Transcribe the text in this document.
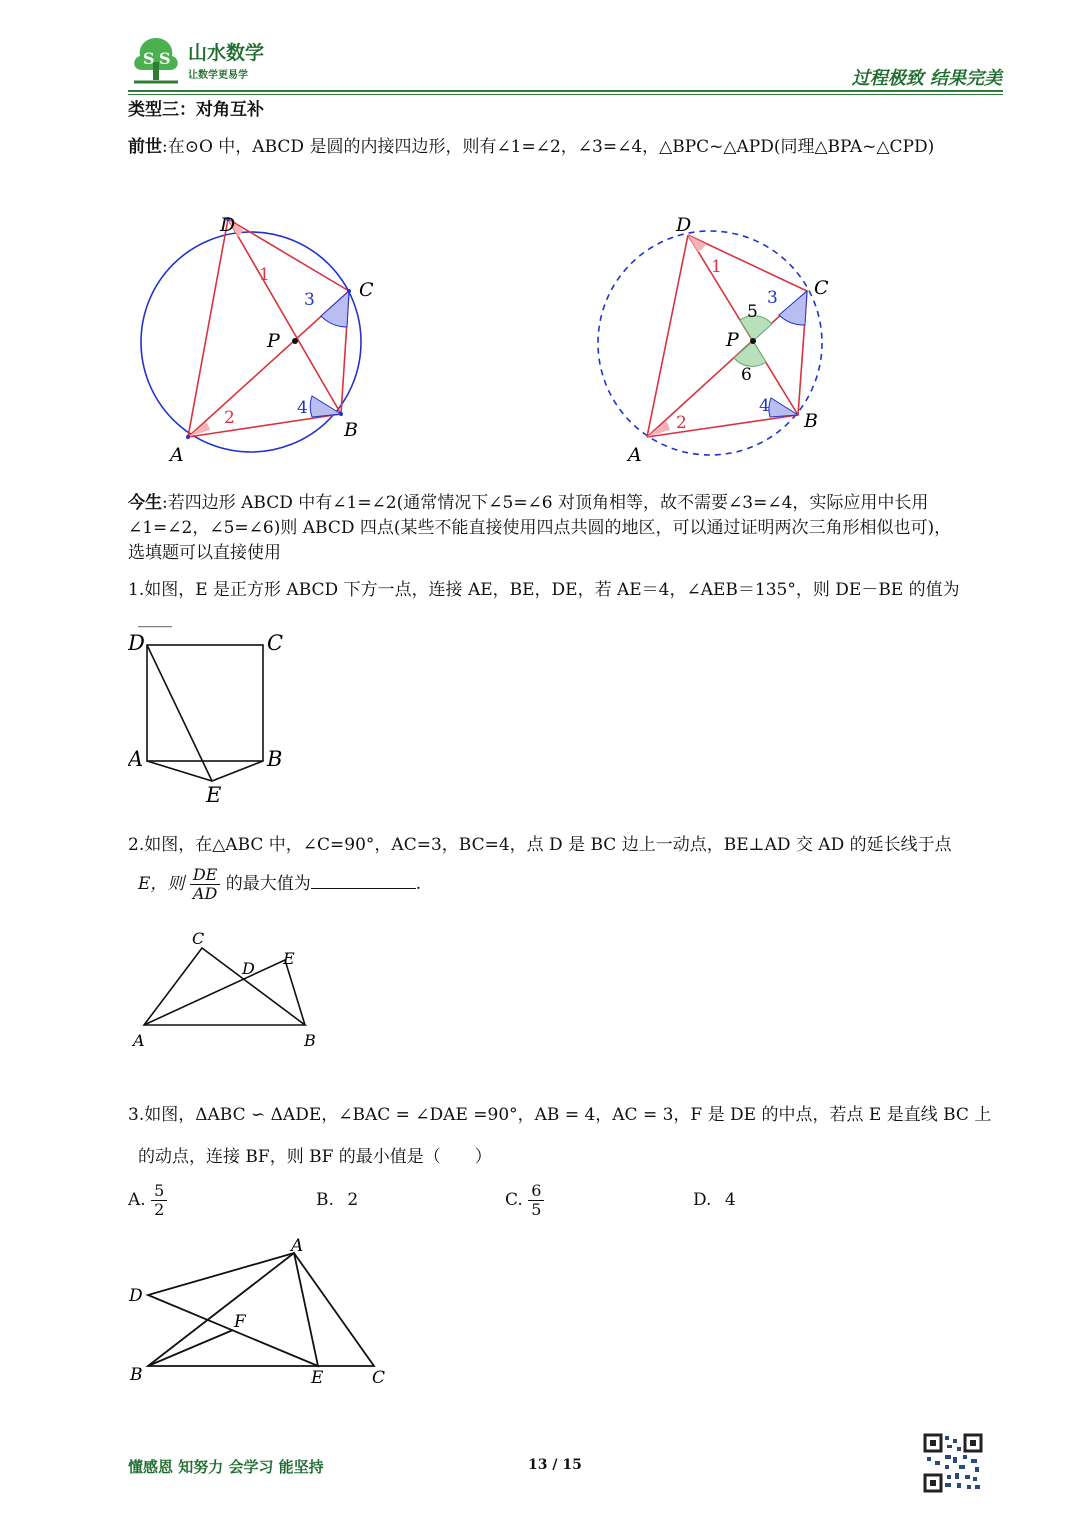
S S 山水数学
让数学更易学	过程极致 结果完美
类型三：对角互补
前世:在⊙O 中，ABCD 是圆的内接四边形，则有∠1=∠2，∠3=∠4，△BPC~△APD(同理△BPA~△CPD)
D
C
P
B
A
1
2
3
4
D
C
P
B
A
1
2
3
4
5
6
今生:若四边形 ABCD 中有∠1=∠2(通常情况下∠5=∠6 对顶角相等，故不需要∠3=∠4，实际应用中长用
∠1=∠2，∠5=∠6)则 ABCD 四点(某些不能直接使用四点共圆的地区，可以通过证明两次三角形相似也可)，
选填题可以直接使用
1.如图，E 是正方形 ABCD 下方一点，连接 AE，BE，DE，若 AE＝4，∠AEB＝135°，则 DE－BE 的值为
____
D	C
A	B
E
2.如图，在△ABC 中，∠C=90°，AC=3，BC=4，点 D 是 BC 边上一动点，BE⊥AD 交 AD 的延长线于点
E，则 $\frac{DE}{AD}$ 的最大值为	.
C
D
E
A	B
3.如图，ΔABC ∽ ΔADE，∠BAC = ∠DAE =90°，AB = 4，AC = 3，F 是 DE 的中点，若点 E 是直线 BC 上
的动点，连接 BF，则 BF 的最小值是（　　）
A. $\frac{5}{2}$	B. 2	C. $\frac{6}{5}$	D. 4
A
D
F
B	E	C
懂感恩 知努力 会学习 能坚持	13 / 15
